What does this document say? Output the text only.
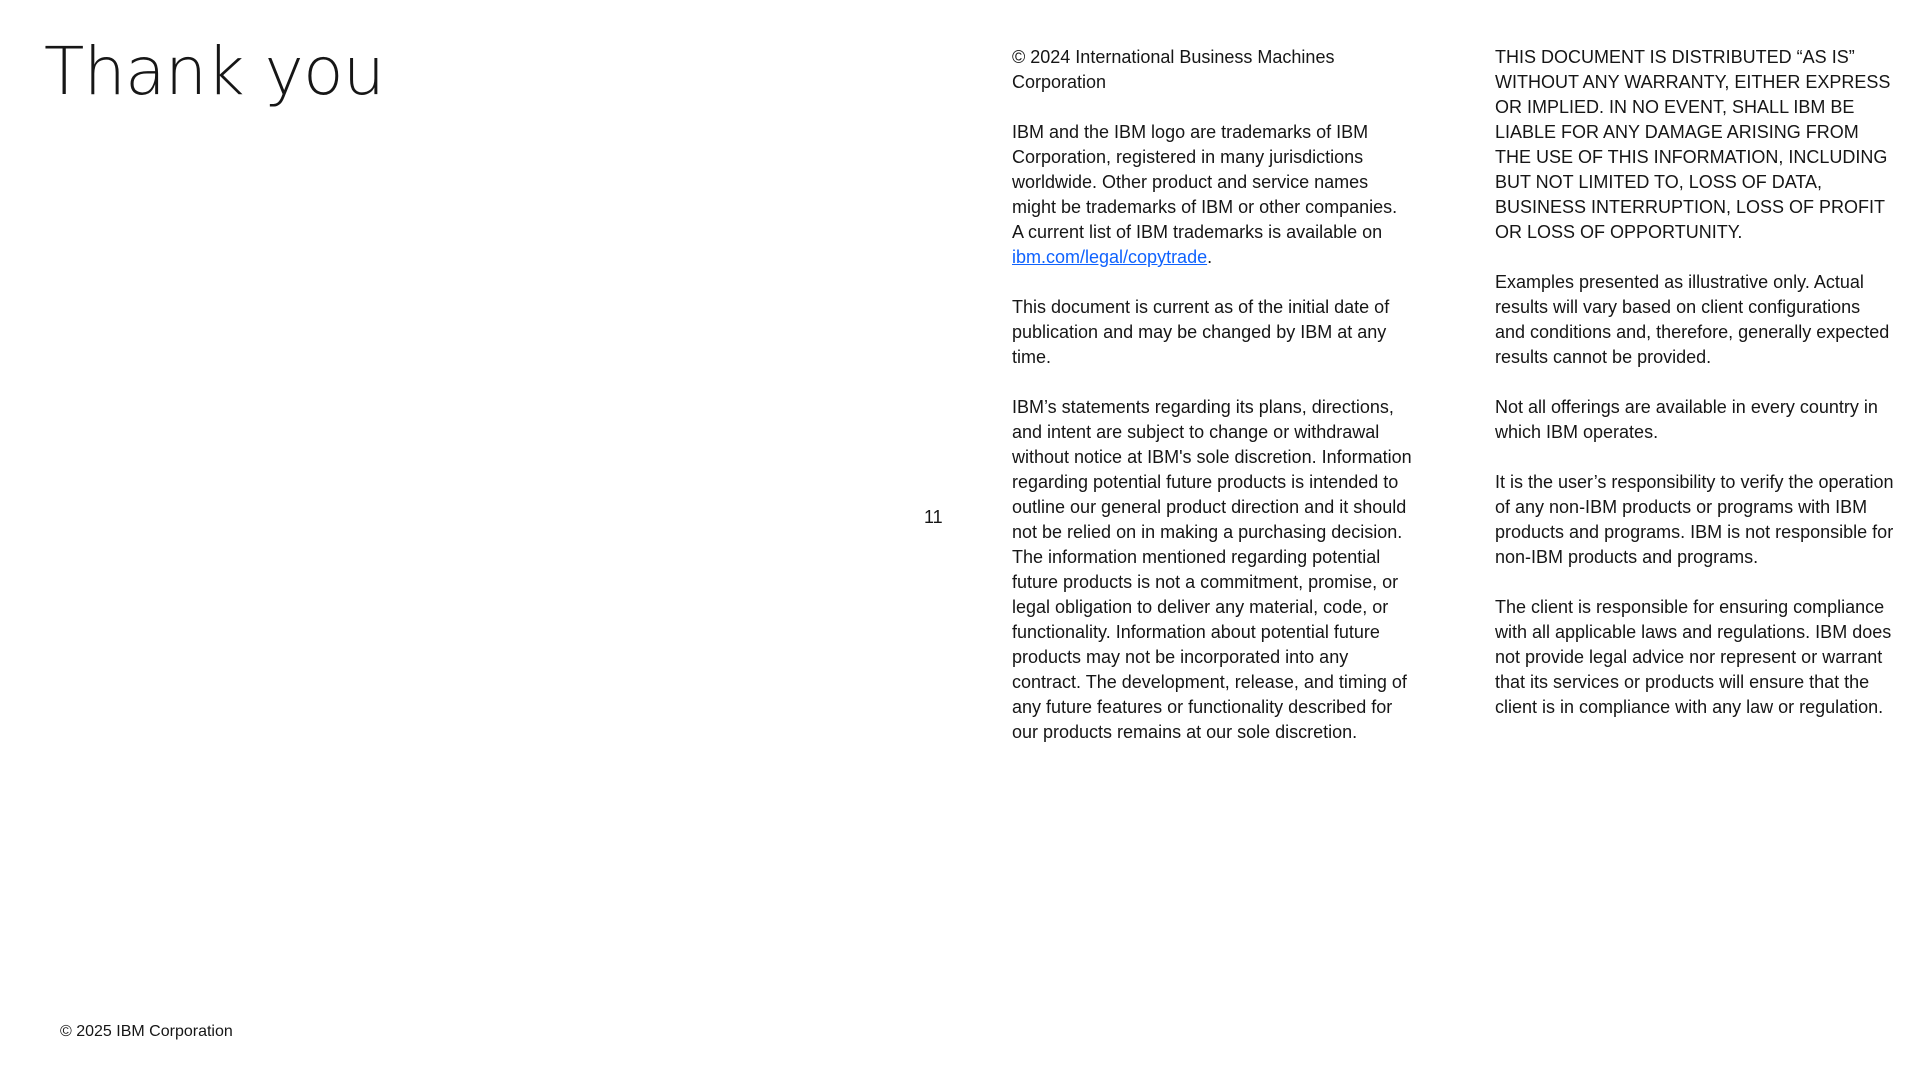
Thank you
11

© 2024 International Business Machines Corporation

IBM and the IBM logo are trademarks of IBM Corporation, registered in many jurisdictions worldwide. Other product and service names might be trademarks of IBM or other companies. A current list of IBM trademarks is available on ibm.com/legal/copytrade.

This document is current as of the initial date of publication and may be changed by IBM at any time.

IBM’s statements regarding its plans, directions, and intent are subject to change or withdrawal without notice at IBM's sole discretion. Information regarding potential future products is intended to outline our general product direction and it should not be relied on in making a purchasing decision. The information mentioned regarding potential future products is not a commitment, promise, or legal obligation to deliver any material, code, or functionality. Information about potential future products may not be incorporated into any contract. The development, release, and timing of any future features or functionality described for our products remains at our sole discretion.

THIS DOCUMENT IS DISTRIBUTED “AS IS” WITHOUT ANY WARRANTY, EITHER EXPRESS OR IMPLIED. IN NO EVENT, SHALL IBM BE LIABLE FOR ANY DAMAGE ARISING FROM THE USE OF THIS INFORMATION, INCLUDING BUT NOT LIMITED TO, LOSS OF DATA, BUSINESS INTERRUPTION, LOSS OF PROFIT OR LOSS OF OPPORTUNITY.

Examples presented as illustrative only. Actual results will vary based on client configurations and conditions and, therefore, generally expected results cannot be provided.

Not all offerings are available in every country in which IBM operates.

It is the user’s responsibility to verify the operation of any non-IBM products or programs with IBM products and programs. IBM is not responsible for non-IBM products and programs.

The client is responsible for ensuring compliance with all applicable laws and regulations. IBM does not provide legal advice nor represent or warrant that its services or products will ensure that the client is in compliance with any law or regulation.

© 2025 IBM Corporation
